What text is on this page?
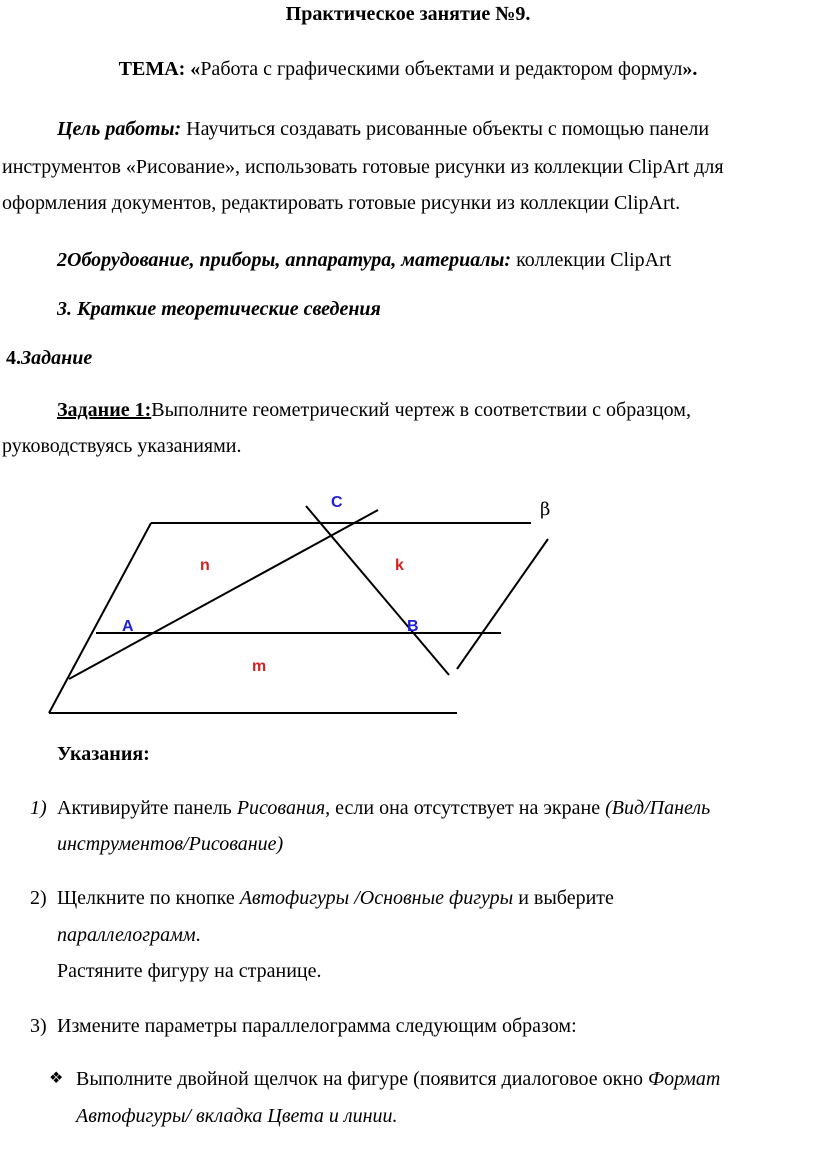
Практическое занятие №9.
ТЕМА: «Работа с графическими объектами и редактором формул».
Цель работы: Научиться создавать рисованные объекты с помощью панели
инструментов «Рисование», использовать готовые рисунки из коллекции ClipArt для
оформления документов, редактировать готовые рисунки из коллекции ClipArt.
2Оборудование, приборы, аппаратура, материалы: коллекции ClipArt
3. Краткие теоретические сведения
4.Задание
Задание 1:Выполните геометрический чертеж в соответствии с образцом,
руководствуясь указаниями.
C	β
n	k
A	B
m
Указания:
1) Активируйте панель Рисования, если она отсутствует на экране (Вид/Панель
инструментов/Рисование)
2) Щелкните по кнопке Автофигуры /Основные фигуры и выберите
параллелограмм.
Растяните фигуру на странице.
3) Измените параметры параллелограмма следующим образом:
❖ Выполните двойной щелчок на фигуре (появится диалоговое окно Формат
Автофигуры/ вкладка Цвета и линии.
